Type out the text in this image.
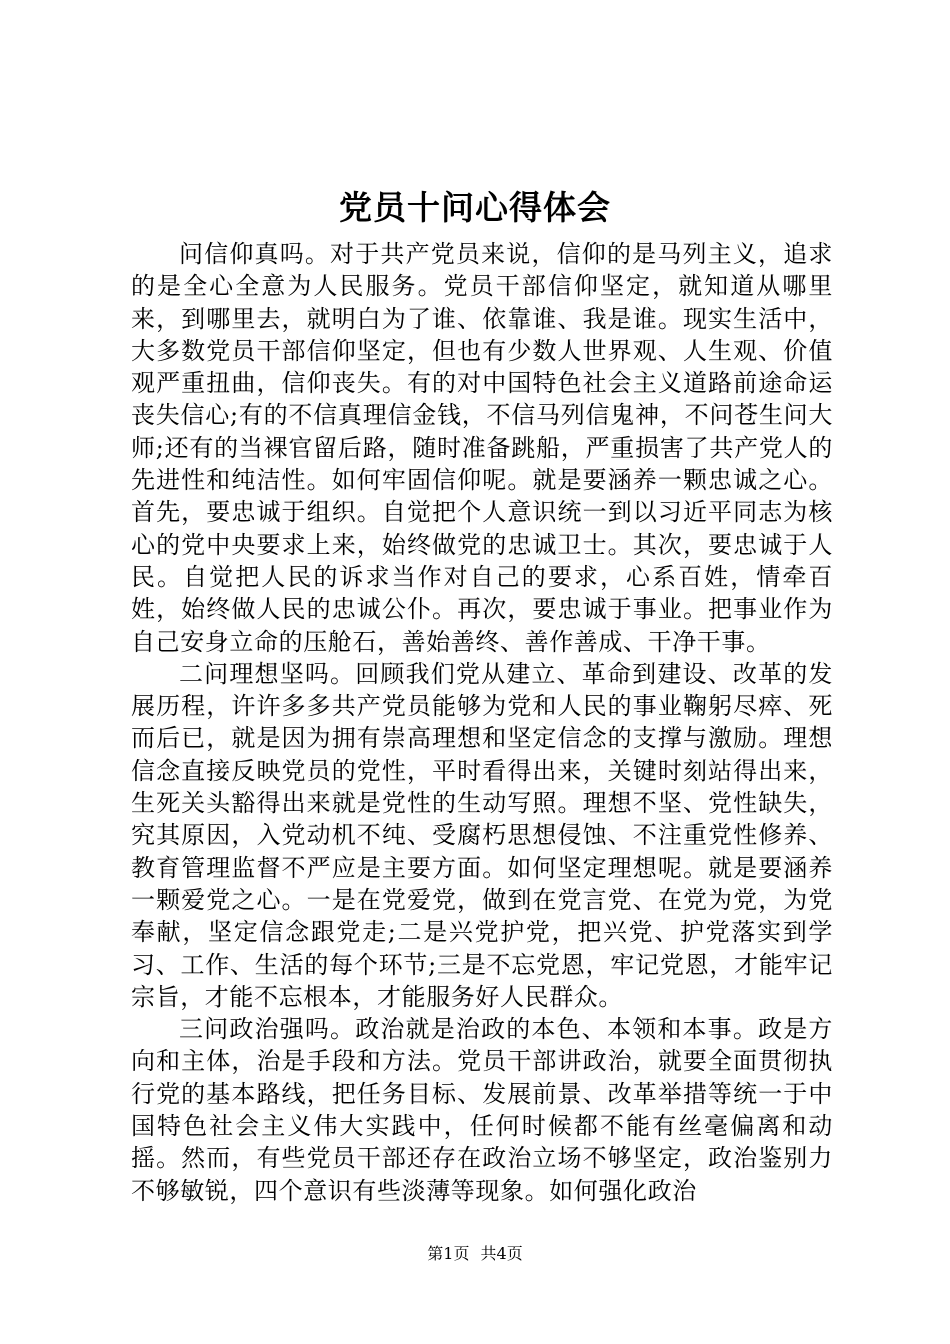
党员十问心得体会

问信仰真吗。对于共产党员来说，信仰的是马列主义，追求的是全心全意为人民服务。党员干部信仰坚定，就知道从哪里来，到哪里去，就明白为了谁、依靠谁、我是谁。现实生活中，大多数党员干部信仰坚定，但也有少数人世界观、人生观、价值观严重扭曲，信仰丧失。有的对中国特色社会主义道路前途命运丧失信心;有的不信真理信金钱，不信马列信鬼神，不问苍生问大师;还有的当裸官留后路，随时准备跳船，严重损害了共产党人的先进性和纯洁性。如何牢固信仰呢。就是要涵养一颗忠诚之心。首先，要忠诚于组织。自觉把个人意识统一到以习近平同志为核心的党中央要求上来，始终做党的忠诚卫士。其次，要忠诚于人民。自觉把人民的诉求当作对自己的要求，心系百姓，情牵百姓，始终做人民的忠诚公仆。再次，要忠诚于事业。把事业作为自己安身立命的压舱石，善始善终、善作善成、干净干事。

二问理想坚吗。回顾我们党从建立、革命到建设、改革的发展历程，许许多多共产党员能够为党和人民的事业鞠躬尽瘁、死而后已，就是因为拥有崇高理想和坚定信念的支撑与激励。理想信念直接反映党员的党性，平时看得出来，关键时刻站得出来，生死关头豁得出来就是党性的生动写照。理想不坚、党性缺失，究其原因，入党动机不纯、受腐朽思想侵蚀、不注重党性修养、教育管理监督不严应是主要方面。如何坚定理想呢。就是要涵养一颗爱党之心。一是在党爱党，做到在党言党、在党为党，为党奉献，坚定信念跟党走;二是兴党护党，把兴党、护党落实到学习、工作、生活的每个环节;三是不忘党恩，牢记党恩，才能牢记宗旨，才能不忘根本，才能服务好人民群众。

三问政治强吗。政治就是治政的本色、本领和本事。政是方向和主体，治是手段和方法。党员干部讲政治，就要全面贯彻执行党的基本路线，把任务目标、发展前景、改革举措等统一于中国特色社会主义伟大实践中，任何时候都不能有丝毫偏离和动摇。然而，有些党员干部还存在政治立场不够坚定，政治鉴别力不够敏锐，四个意识有些淡薄等现象。如何强化政治

第1页 共4页
